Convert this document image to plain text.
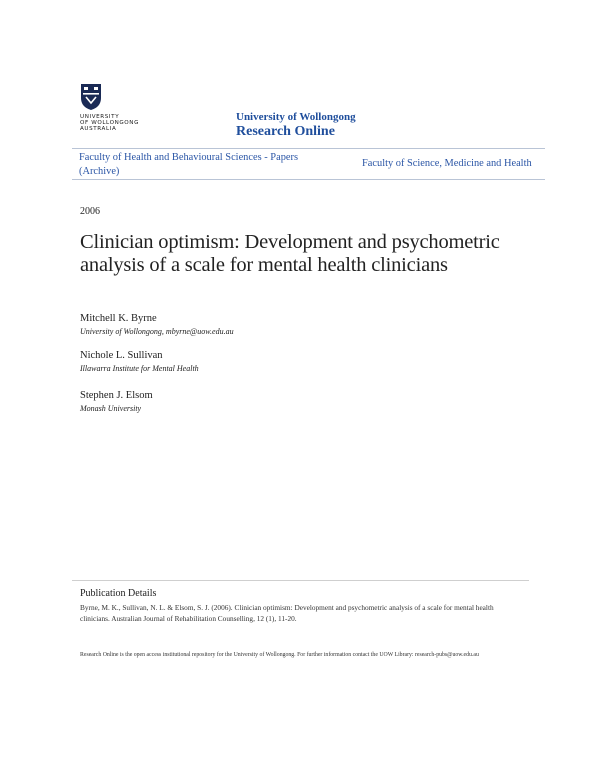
UNIVERSITY
OF WOLLONGONG
AUSTRALIA
University of Wollongong
Research Online
Faculty of Health and Behavioural Sciences - Papers (Archive)
Faculty of Science, Medicine and Health
2006
Clinician optimism: Development and psychometric analysis of a scale for mental health clinicians
Mitchell K. Byrne
University of Wollongong, mbyrne@uow.edu.au
Nichole L. Sullivan
Illawarra Institute for Mental Health
Stephen J. Elsom
Monash University
Publication Details
Byrne, M. K., Sullivan, N. L. & Elsom, S. J. (2006). Clinician optimism: Development and psychometric analysis of a scale for mental health clinicians. Australian Journal of Rehabilitation Counselling, 12 (1), 11-20.
Research Online is the open access institutional repository for the University of Wollongong. For further information contact the UOW Library: research-pubs@uow.edu.au
